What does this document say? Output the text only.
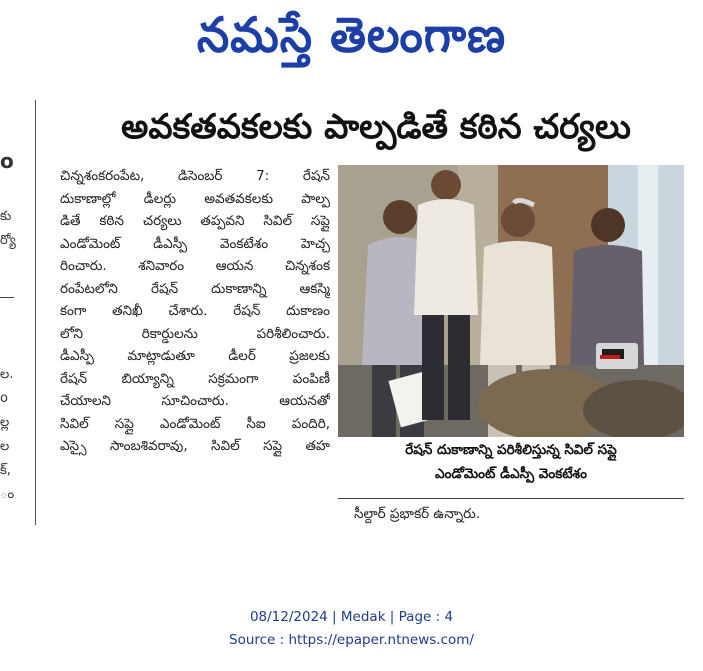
నమస్తే తెలంగాణ
o
కు
ర్యో
ల.
o
ల్ల
ల
క్,
ం
అవకతవకలకు పాల్పడితే కఠిన చర్యలు
చిన్నశంకరంపేట, డిసెంబర్ 7: రేషన్
దుకాణాల్లో డీలర్లు అవతవకలకు పాల్ప
డితే కఠిన చర్యలు తప్పవని సివిల్ సప్లై
ఎండోమెంట్ డీఎస్పీ వెంకటేశం హెచ్చ
రించారు. శనివారం ఆయన చిన్నశంక
రంపేటలోని రేషన్ దుకాణాన్ని ఆకస్మి
కంగా తనిఖీ చేశారు. రేషన్ దుకాణం
లోని రికార్డులను పరిశీలించారు.
డీఎస్పీ మాట్లాడుతూ డీలర్ ప్రజలకు
రేషన్ బియ్యాన్ని సక్రమంగా పంపిణీ
చేయాలని సూచించారు. ఆయనతో
సివిల్ సప్లై ఎండోమెంట్ సీఐ పందిరి,
ఎస్సై సాంబశివరావు, సివిల్ సప్లై తహ	రేషన్ దుకాణాన్ని పరిశీలిస్తున్న సివిల్ సప్లై
ఎండోమెంట్ డీఎస్పీ వెంకటేశం
సీల్దార్ ప్రభాకర్ ఉన్నారు.
08/12/2024 | Medak | Page : 4
Source : https://epaper.ntnews.com/
